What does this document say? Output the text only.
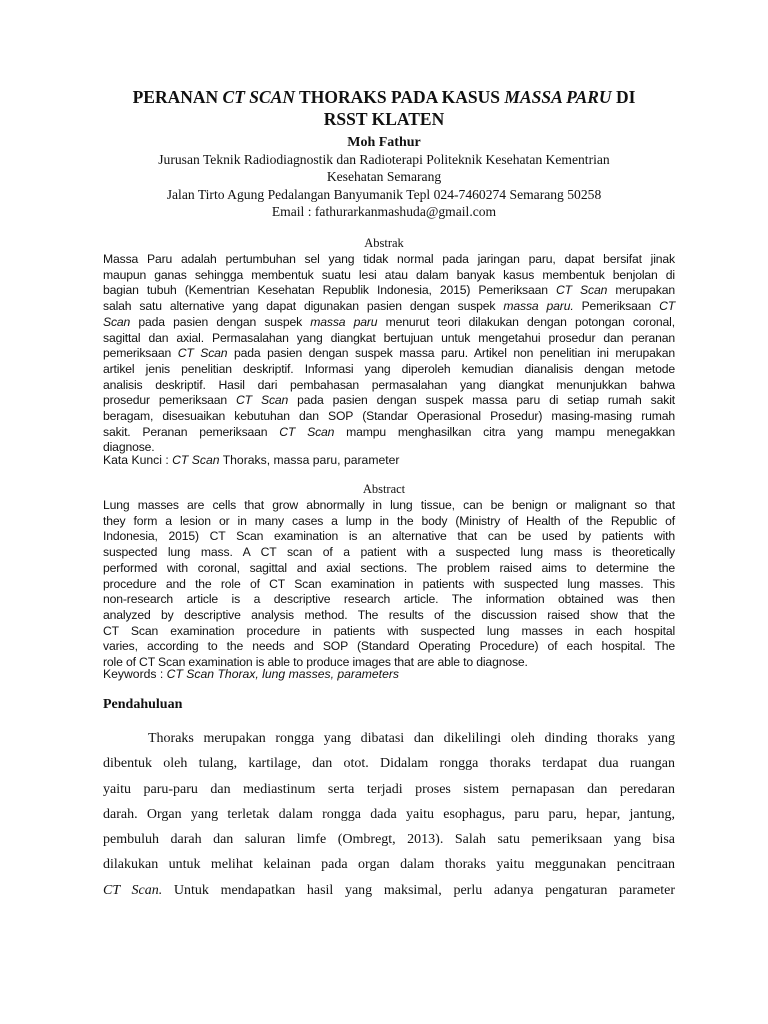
PERANAN CT SCAN THORAKS PADA KASUS MASSA PARU DI
RSST KLATEN
Moh Fathur
Jurusan Teknik Radiodiagnostik dan Radioterapi Politeknik Kesehatan Kementrian
Kesehatan Semarang
Jalan Tirto Agung Pedalangan Banyumanik Tepl 024-7460274 Semarang 50258
Email : fathurarkanmashuda@gmail.com
Abstrak
Massa Paru adalah pertumbuhan sel yang tidak normal pada jaringan paru, dapat bersifat jinak
maupun ganas sehingga membentuk suatu lesi atau dalam banyak kasus membentuk benjolan di
bagian tubuh (Kementrian Kesehatan Republik Indonesia, 2015) Pemeriksaan CT Scan merupakan
salah satu alternative yang dapat digunakan pasien dengan suspek massa paru. Pemeriksaan CT
Scan pada pasien dengan suspek massa paru menurut teori dilakukan dengan potongan coronal,
sagittal dan axial. Permasalahan yang diangkat bertujuan untuk mengetahui prosedur dan peranan
pemeriksaan CT Scan pada pasien dengan suspek massa paru. Artikel non penelitian ini merupakan
artikel jenis penelitian deskriptif. Informasi yang diperoleh kemudian dianalisis dengan metode
analisis deskriptif. Hasil dari pembahasan permasalahan yang diangkat menunjukkan bahwa
prosedur pemeriksaan CT Scan pada pasien dengan suspek massa paru di setiap rumah sakit
beragam, disesuaikan kebutuhan dan SOP (Standar Operasional Prosedur) masing-masing rumah
sakit. Peranan pemeriksaan CT Scan mampu menghasilkan citra yang mampu menegakkan
diagnose.
Kata Kunci : CT Scan Thoraks, massa paru, parameter
Abstract
Lung masses are cells that grow abnormally in lung tissue, can be benign or malignant so that
they form a lesion or in many cases a lump in the body (Ministry of Health of the Republic of
Indonesia, 2015) CT Scan examination is an alternative that can be used by patients with
suspected lung mass. A CT scan of a patient with a suspected lung mass is theoretically
performed with coronal, sagittal and axial sections. The problem raised aims to determine the
procedure and the role of CT Scan examination in patients with suspected lung masses. This
non-research article is a descriptive research article. The information obtained was then
analyzed by descriptive analysis method. The results of the discussion raised show that the
CT Scan examination procedure in patients with suspected lung masses in each hospital
varies, according to the needs and SOP (Standard Operating Procedure) of each hospital. The
role of CT Scan examination is able to produce images that are able to diagnose.
Keywords : CT Scan Thorax, lung masses, parameters
Pendahuluan
Thoraks merupakan rongga yang dibatasi dan dikelilingi oleh dinding thoraks yang
dibentuk oleh tulang, kartilage, dan otot. Didalam rongga thoraks terdapat dua ruangan
yaitu paru-paru dan mediastinum serta terjadi proses sistem pernapasan dan peredaran
darah. Organ yang terletak dalam rongga dada yaitu esophagus, paru paru, hepar, jantung,
pembuluh darah dan saluran limfe (Ombregt, 2013). Salah satu pemeriksaan yang bisa
dilakukan untuk melihat kelainan pada organ dalam thoraks yaitu meggunakan pencitraan
CT Scan. Untuk mendapatkan hasil yang maksimal, perlu adanya pengaturan parameter
